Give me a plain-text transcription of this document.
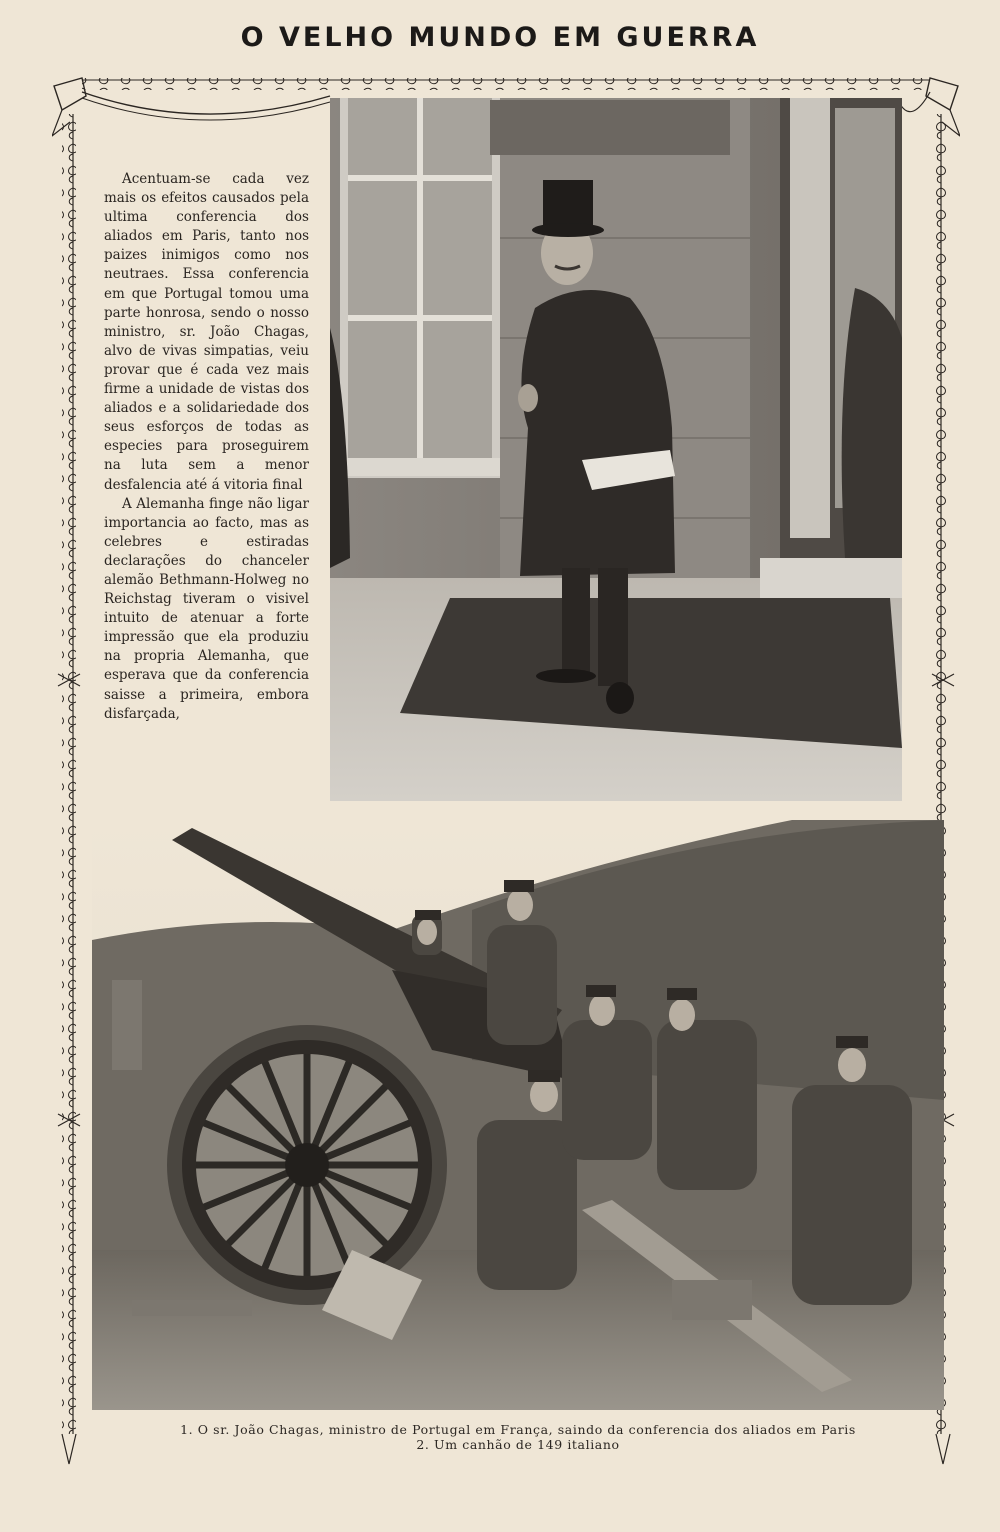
O VELHO MUNDO EM GUERRA

Acentuam-se cada vez mais os efeitos causados pela ultima conferencia dos aliados em Paris, tanto nos paizes inimigos como nos neutraes. Essa conferencia em que Portugal tomou uma parte honrosa, sendo o nosso ministro, sr. João Chagas, alvo de vivas simpatias, veiu provar que é cada vez mais firme a unidade de vistas dos aliados e a solidariedade dos seus esforços de todas as especies para proseguirem na luta sem a menor desfalencia até á vitoria final

A Alemanha finge não ligar importancia ao facto, mas as celebres e estiradas declarações do chanceler alemão Bethmann-Holweg no Reichstag tiveram o visivel intuito de atenuar a forte impressão que ela produziu na propria Alemanha, que esperava que da conferencia saisse a primeira, embora disfarçada,

1. O sr. João Chagas, ministro de Portugal em França, saindo da conferencia dos aliados em Paris
2. Um canhão de 149 italiano
